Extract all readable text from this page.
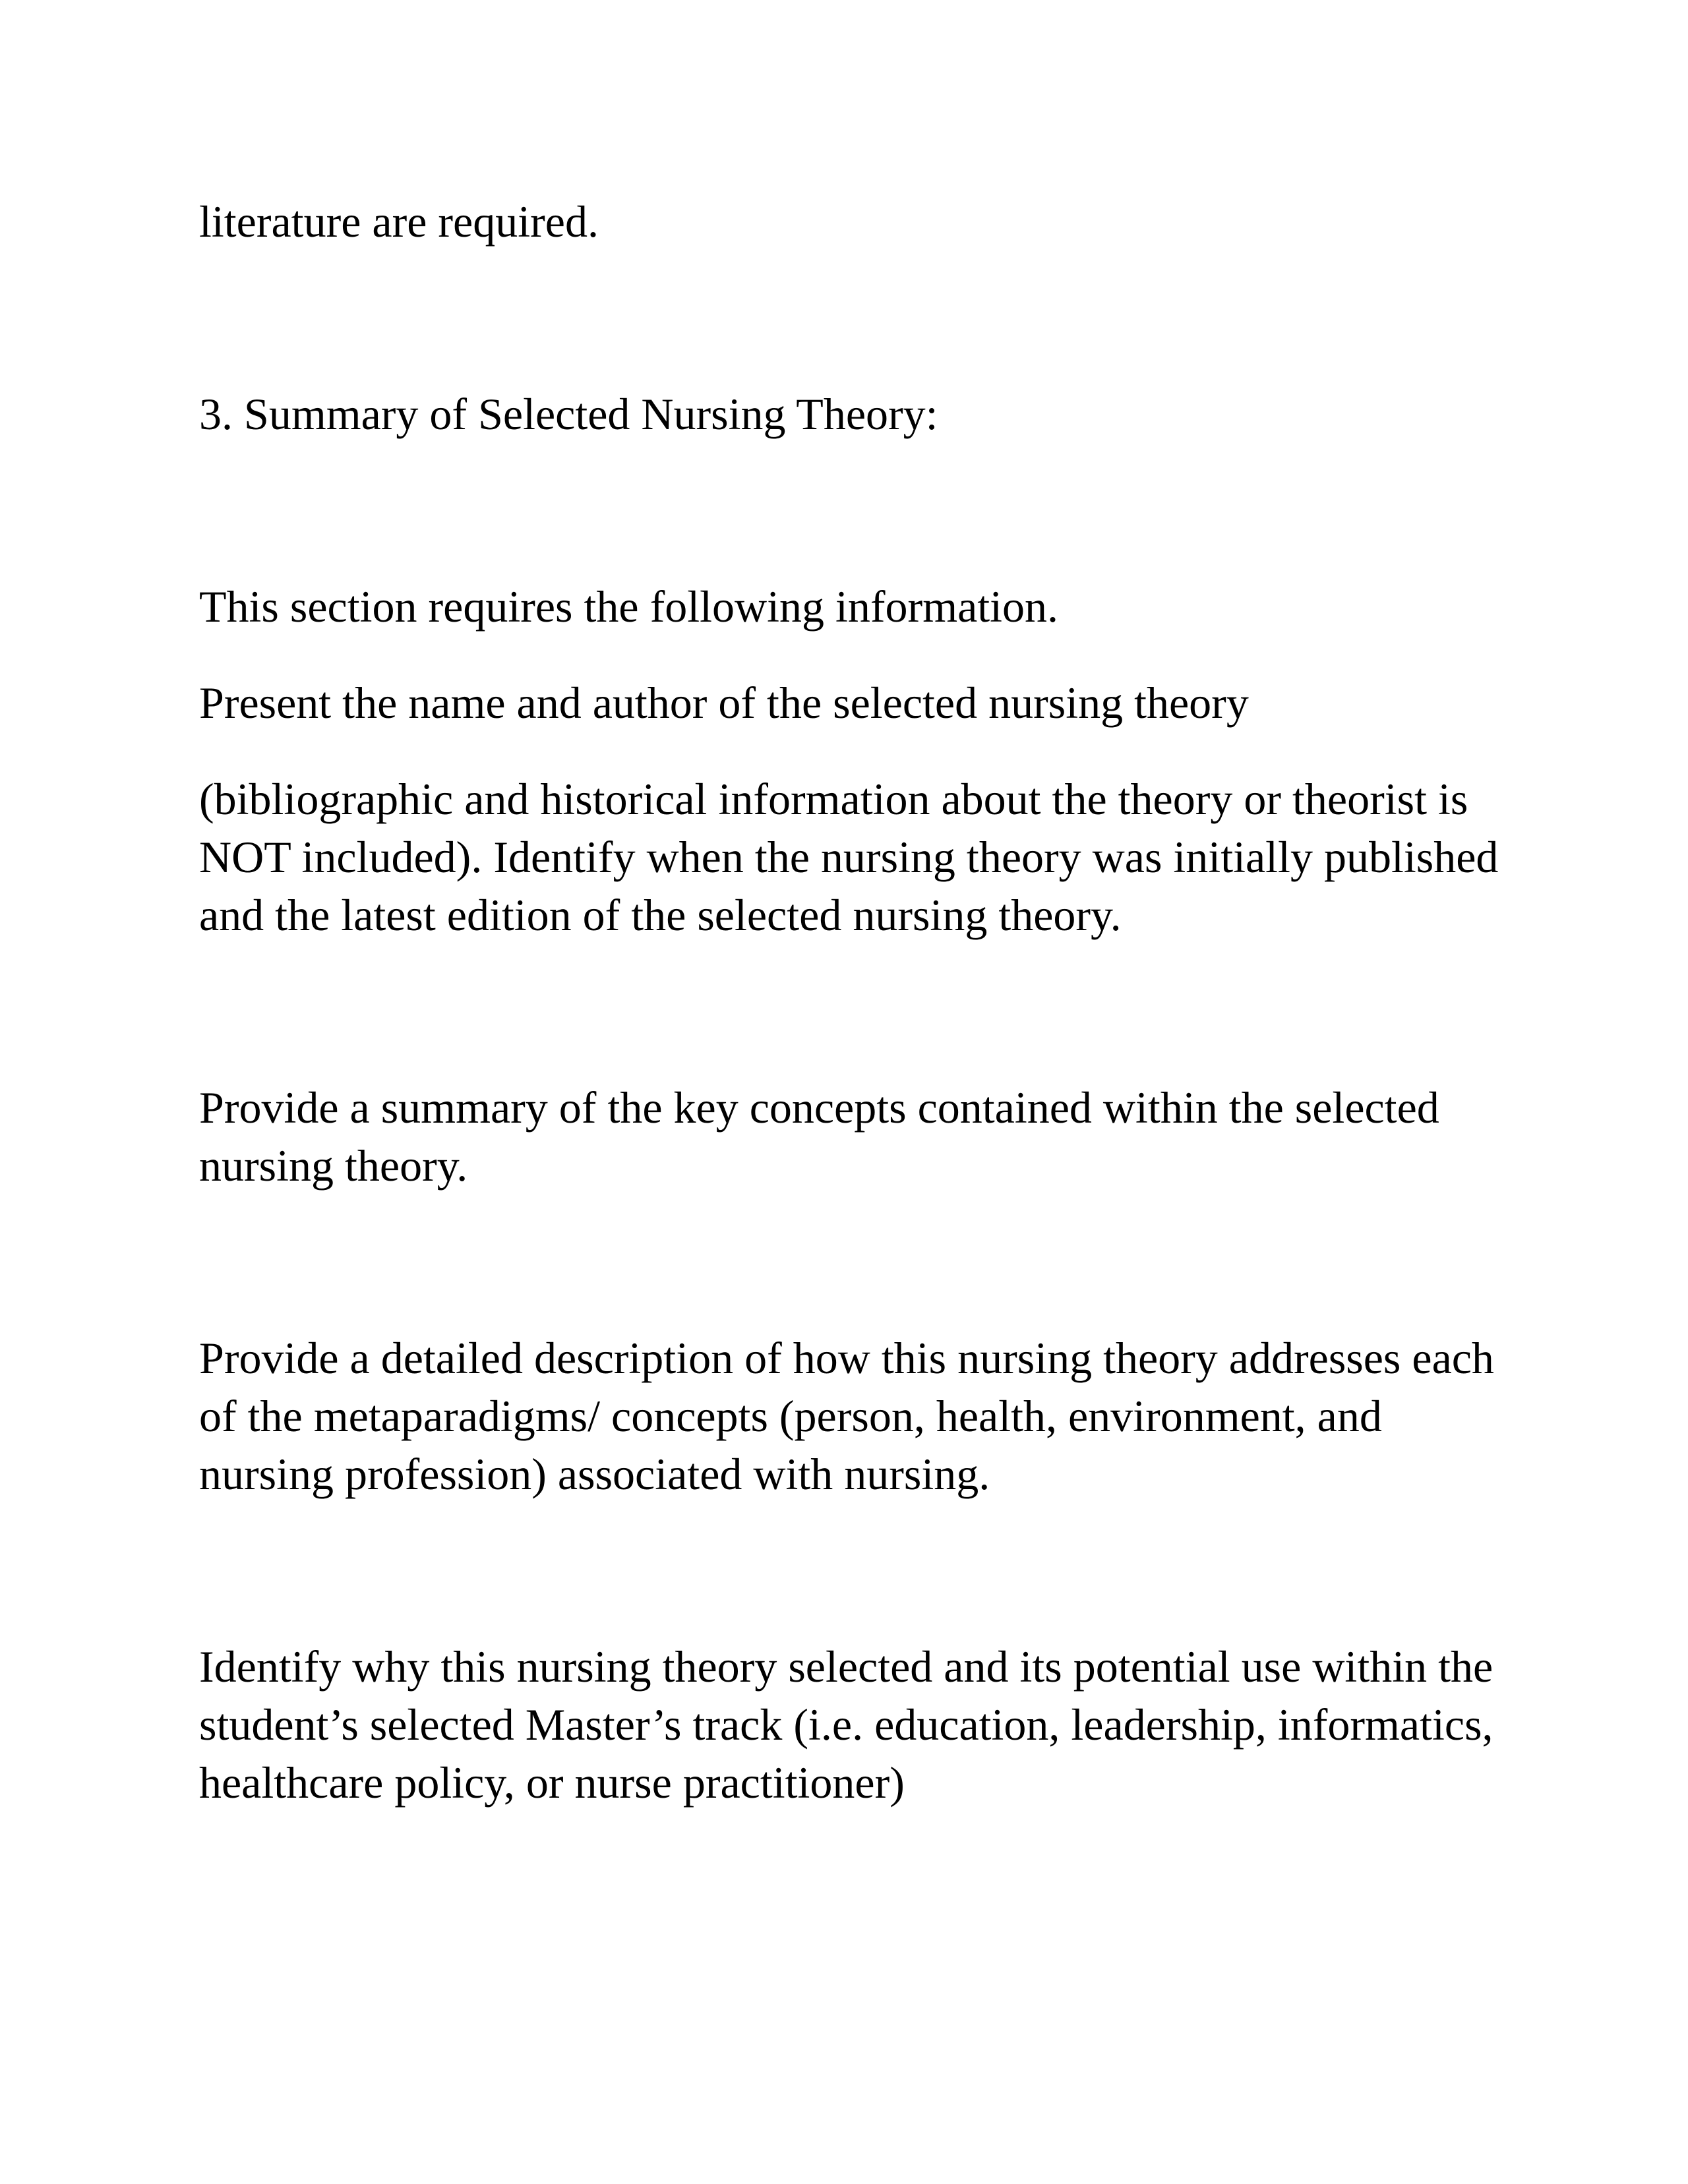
literature are required.

3. Summary of Selected Nursing Theory:

This section requires the following information.

Present the name and author of the selected nursing theory

(bibliographic and historical information about the theory or theorist is
NOT included). Identify when the nursing theory was initially published
and the latest edition of the selected nursing theory.

Provide a summary of the key concepts contained within the selected
nursing theory.

Provide a detailed description of how this nursing theory addresses each
of the metaparadigms/ concepts (person, health, environment, and
nursing profession) associated with nursing.

Identify why this nursing theory selected and its potential use within the
student’s selected Master’s track (i.e. education, leadership, informatics,
healthcare policy, or nurse practitioner)
